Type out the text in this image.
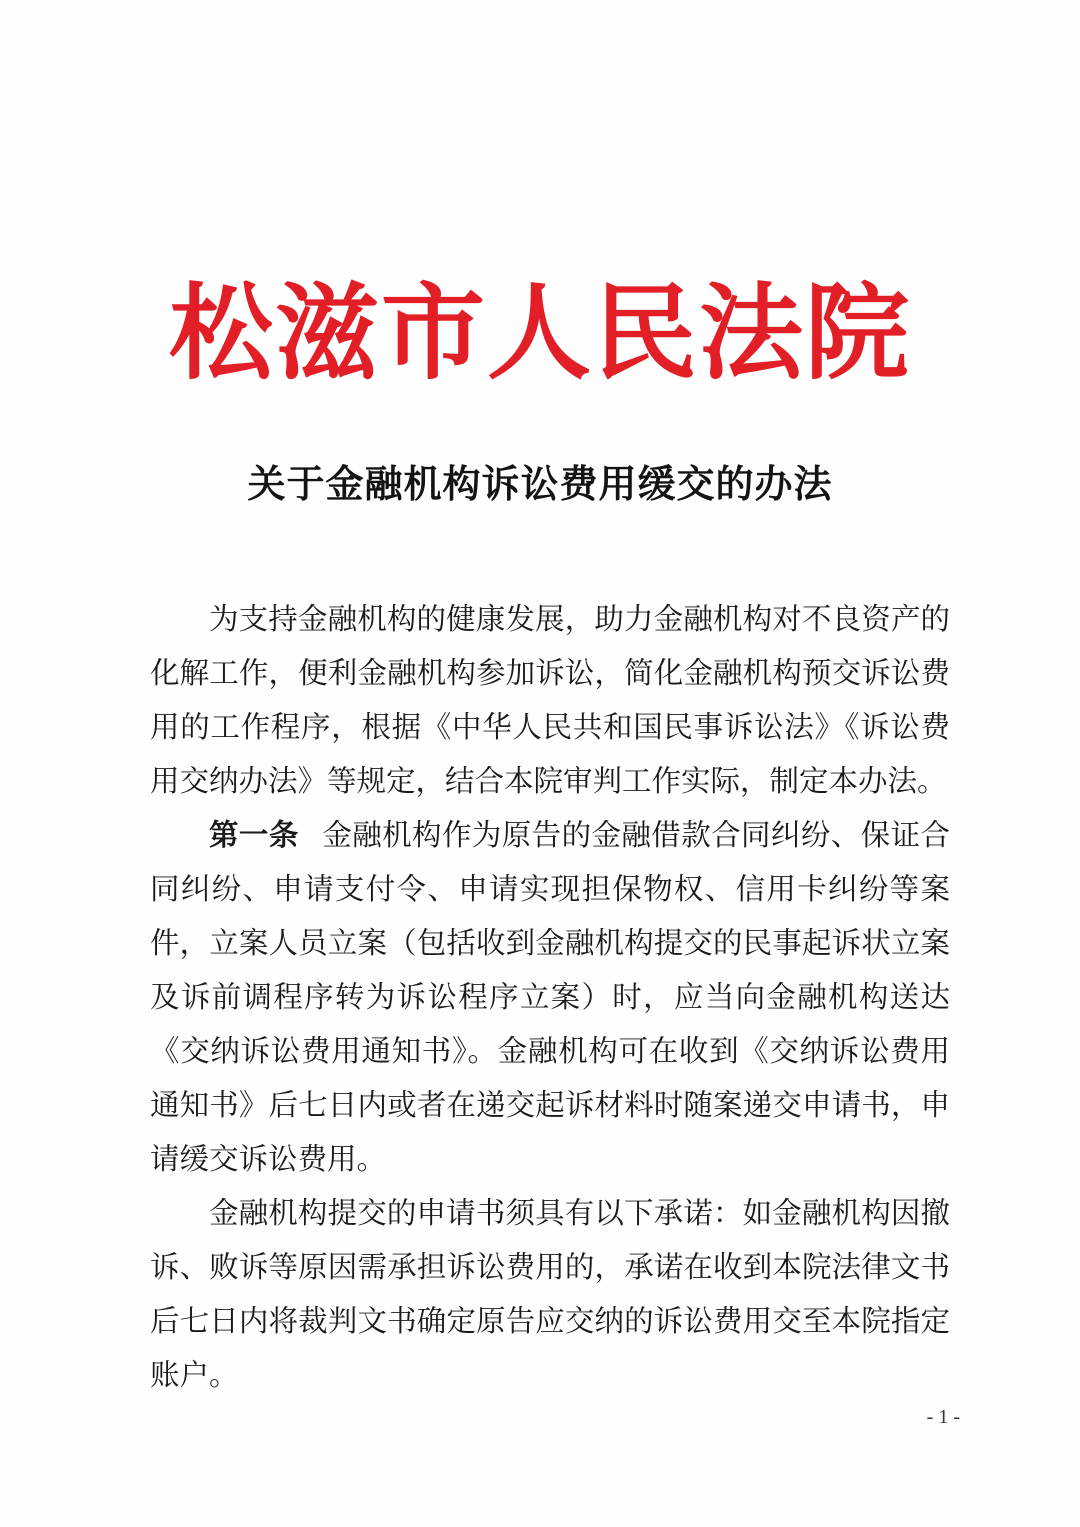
松滋市人民法院
关于金融机构诉讼费用缓交的办法

为支持金融机构的健康发展，助力金融机构对不良资产的化解工作，便利金融机构参加诉讼，简化金融机构预交诉讼费用的工作程序，根据《中华人民共和国民事诉讼法》《诉讼费用交纳办法》等规定，结合本院审判工作实际，制定本办法。

第一条 金融机构作为原告的金融借款合同纠纷、保证合同纠纷、申请支付令、申请实现担保物权、信用卡纠纷等案件，立案人员立案（包括收到金融机构提交的民事起诉状立案及诉前调程序转为诉讼程序立案）时，应当向金融机构送达《交纳诉讼费用通知书》。金融机构可在收到《交纳诉讼费用通知书》后七日内或者在递交起诉材料时随案递交申请书，申请缓交诉讼费用。

金融机构提交的申请书须具有以下承诺：如金融机构因撤诉、败诉等原因需承担诉讼费用的，承诺在收到本院法律文书后七日内将裁判文书确定原告应交纳的诉讼费用交至本院指定账户。

- 1 -
